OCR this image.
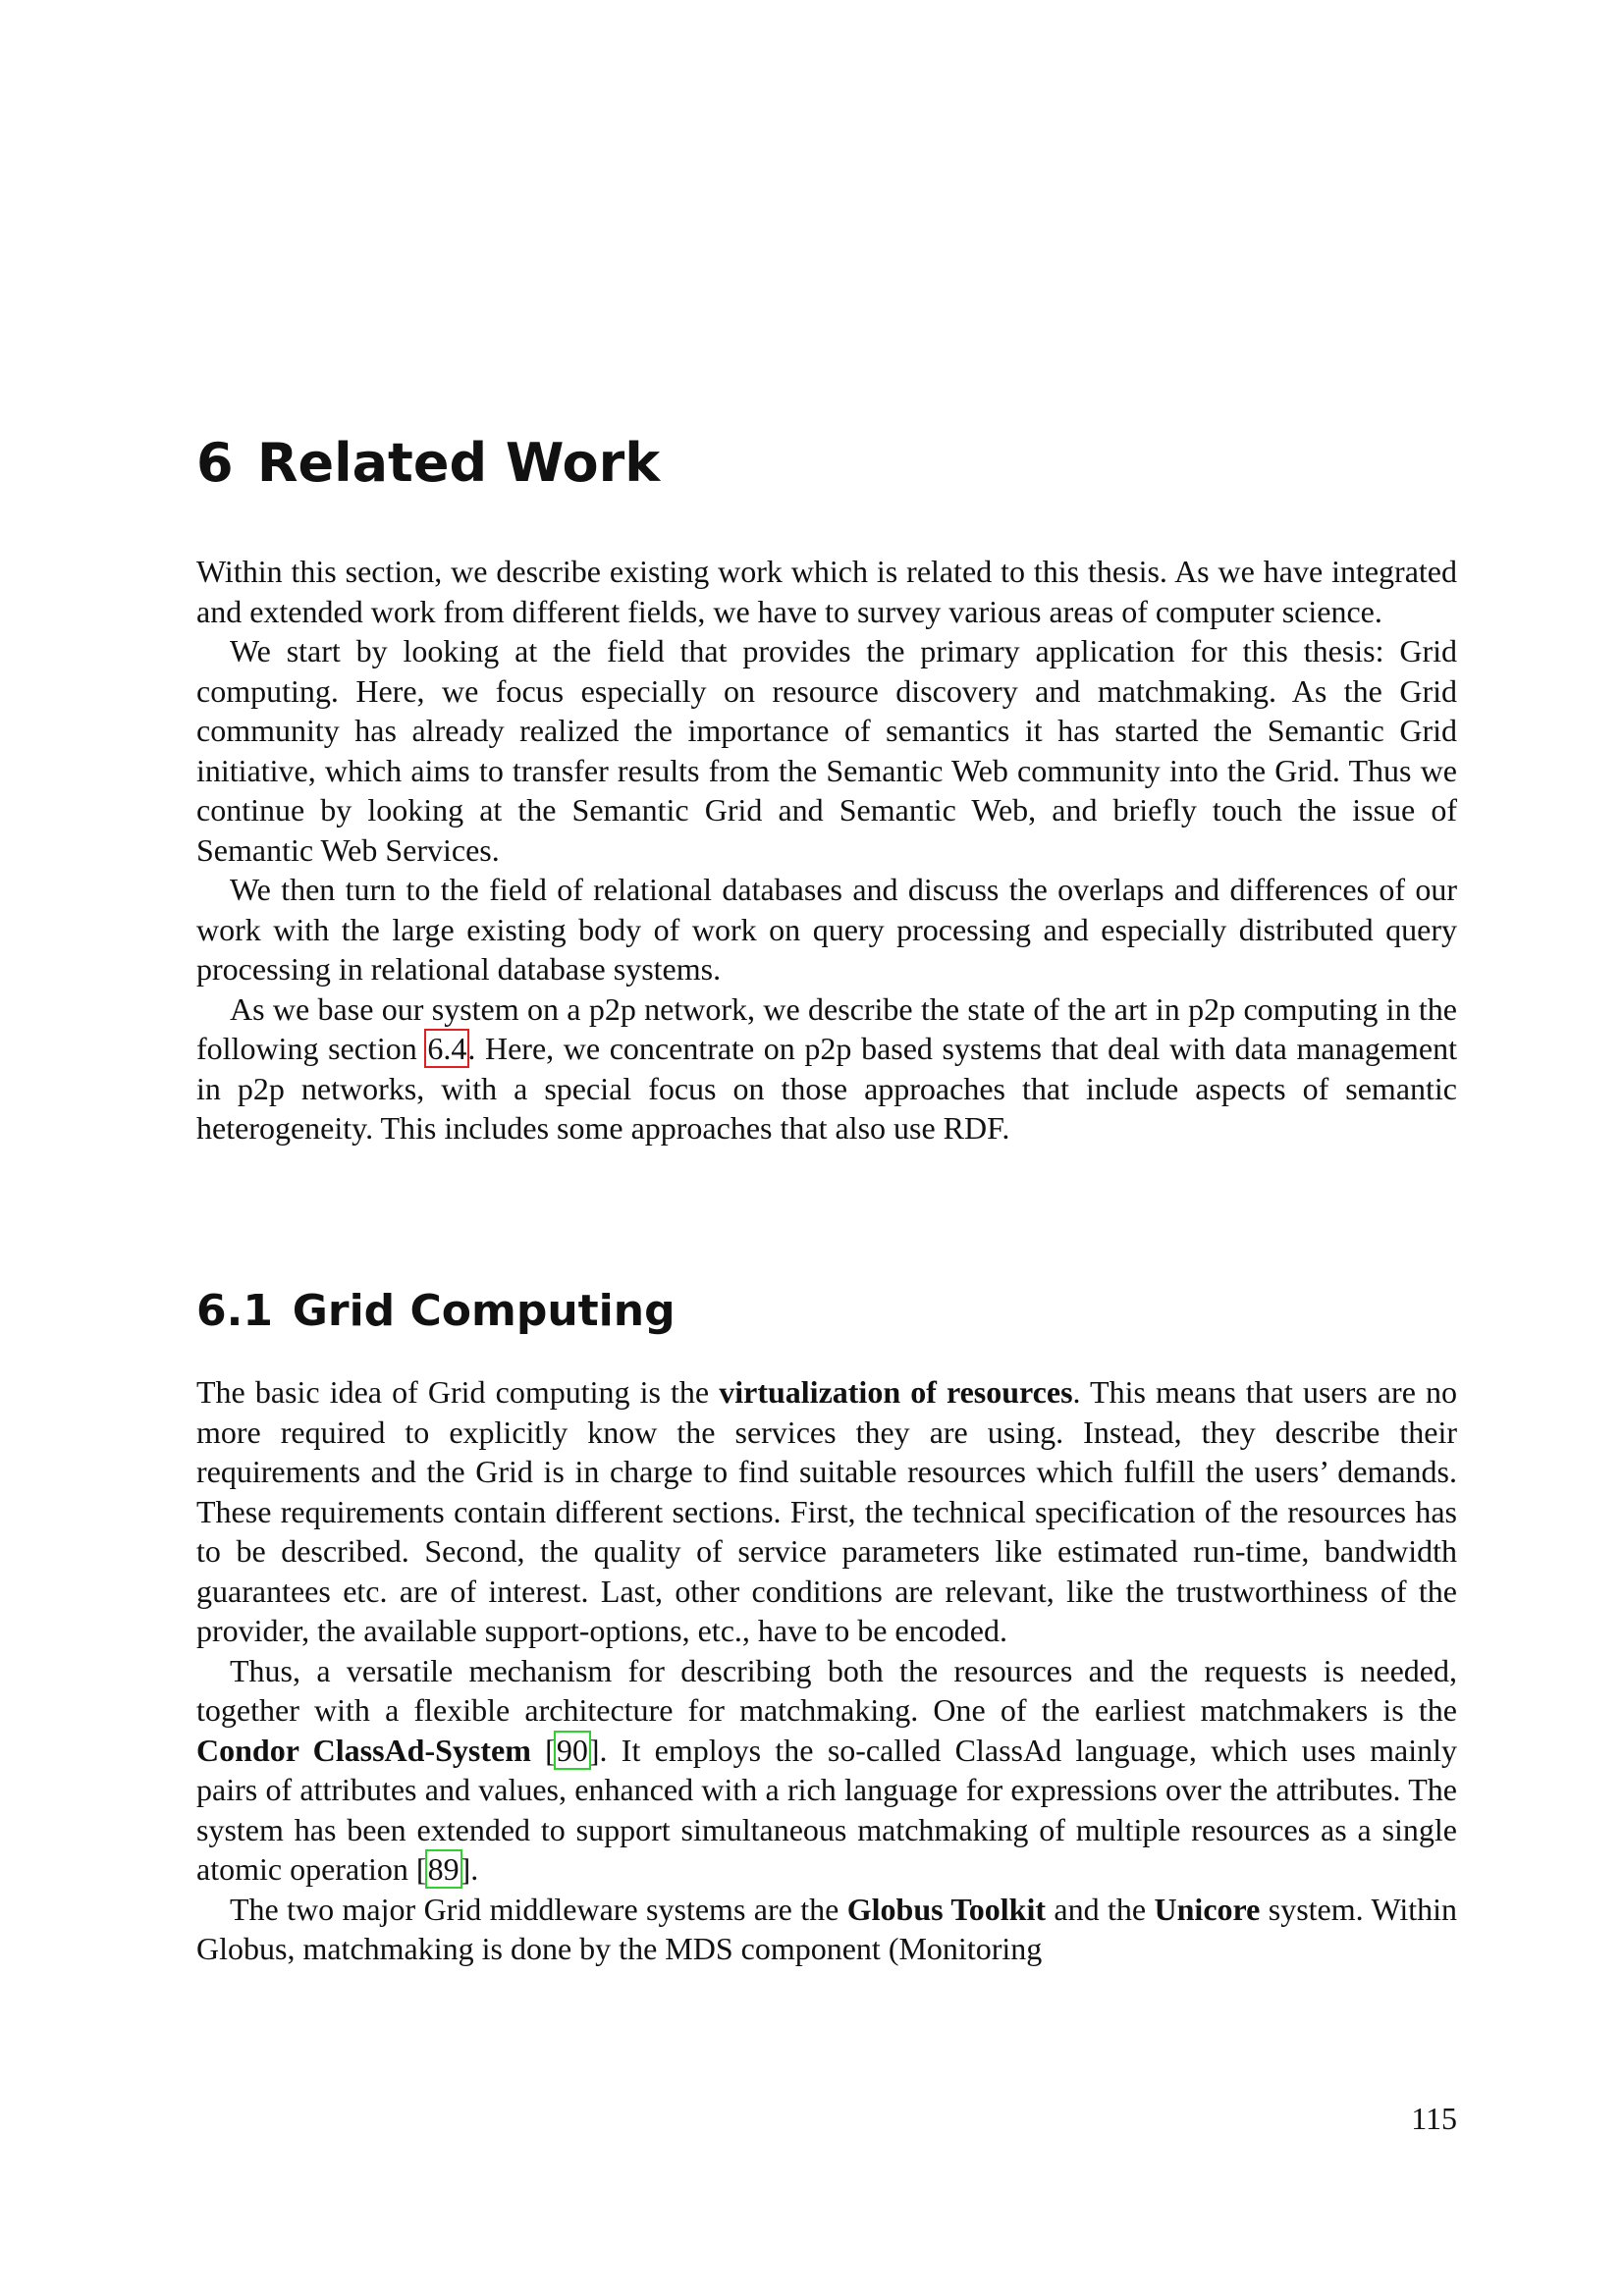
6 Related Work

Within this section, we describe existing work which is related to this thesis. As we have integrated and extended work from different fields, we have to survey various areas of computer science.

We start by looking at the field that provides the primary application for this thesis: Grid computing. Here, we focus especially on resource discovery and matchmaking. As the Grid community has already realized the importance of semantics it has started the Semantic Grid initiative, which aims to transfer results from the Semantic Web community into the Grid. Thus we continue by looking at the Semantic Grid and Semantic Web, and briefly touch the issue of Semantic Web Services.

We then turn to the field of relational databases and discuss the overlaps and differences of our work with the large existing body of work on query processing and especially distributed query processing in relational database systems.

As we base our system on a p2p network, we describe the state of the art in p2p computing in the following section 6.4. Here, we concentrate on p2p based systems that deal with data management in p2p networks, with a special focus on those approaches that include aspects of semantic heterogeneity. This includes some approaches that also use RDF.

6.1 Grid Computing

The basic idea of Grid computing is the virtualization of resources. This means that users are no more required to explicitly know the services they are using. Instead, they describe their requirements and the Grid is in charge to find suitable resources which fulfill the users’ demands. These requirements contain different sections. First, the technical specification of the resources has to be described. Second, the quality of service parameters like estimated run-time, bandwidth guarantees etc. are of interest. Last, other conditions are relevant, like the trustworthiness of the provider, the available support-options, etc., have to be encoded.

Thus, a versatile mechanism for describing both the resources and the requests is needed, together with a flexible architecture for matchmaking. One of the earliest matchmakers is the Condor ClassAd-System [90]. It employs the so-called ClassAd language, which uses mainly pairs of attributes and values, enhanced with a rich language for expressions over the attributes. The system has been extended to support simultaneous matchmaking of multiple resources as a single atomic operation [89].

The two major Grid middleware systems are the Globus Toolkit and the Unicore system. Within Globus, matchmaking is done by the MDS component (Monitoring

115
